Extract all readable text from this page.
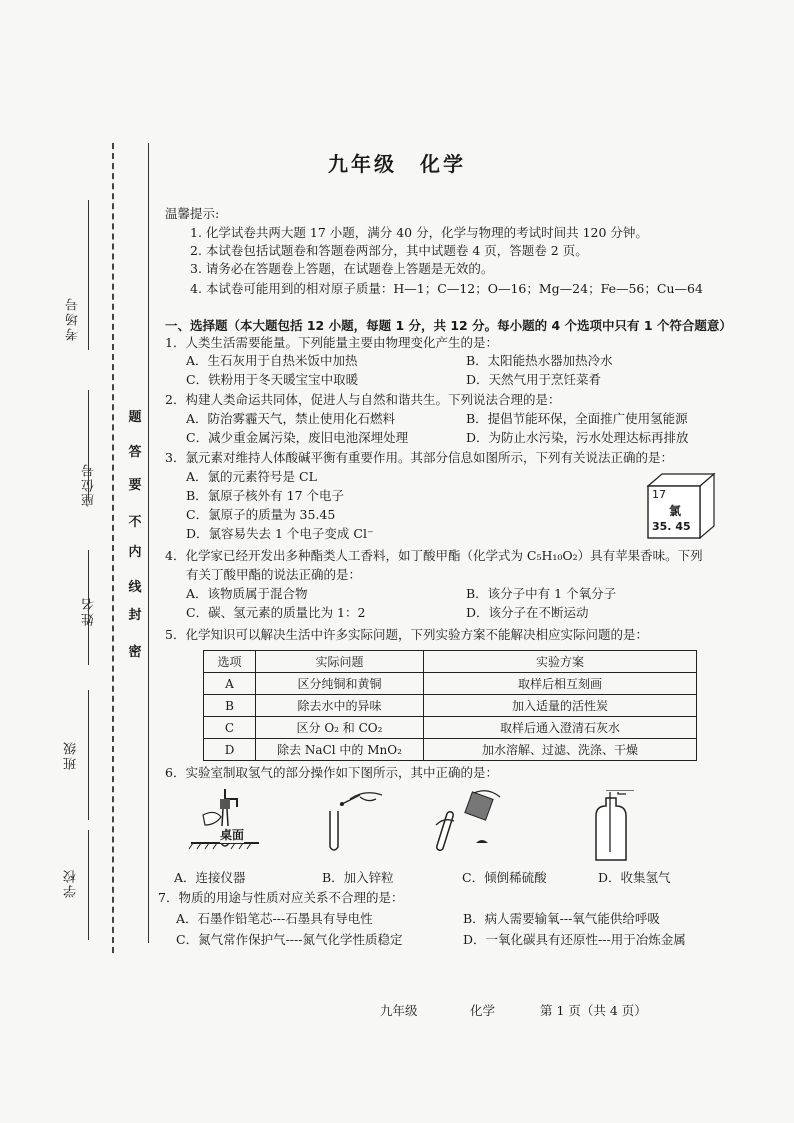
考场号
座位号
姓名
班级
学校
密
封
线
内
不
要
答
题
九年级　化学
温馨提示:
1. 化学试卷共两大题 17 小题，满分 40 分，化学与物理的考试时间共 120 分钟。
2. 本试卷包括试题卷和答题卷两部分，其中试题卷 4 页，答题卷 2 页。
3. 请务必在答题卷上答题，在试题卷上答题是无效的。
4. 本试卷可能用到的相对原子质量：H—1；C—12；O—16；Mg—24；Fe—56；Cu—64
一、选择题（本大题包括 12 小题，每题 1 分，共 12 分。每小题的 4 个选项中只有 1 个符合题意）
1．人类生活需要能量。下列能量主要由物理变化产生的是：
A．生石灰用于自热米饭中加热	B．太阳能热水器加热冷水
C．铁粉用于冬天暖宝宝中取暖	D．天然气用于烹饪菜肴
2．构建人类命运共同体，促进人与自然和谐共生。下列说法合理的是：
A．防治雾霾天气，禁止使用化石燃料	B．提倡节能环保，全面推广使用氢能源
C．减少重金属污染，废旧电池深埋处理	D．为防止水污染，污水处理达标再排放
3．氯元素对维持人体酸碱平衡有重要作用。其部分信息如图所示，下列有关说法正确的是：
A．氯的元素符号是 CL
B．氯原子核外有 17 个电子
C．氯原子的质量为 35.45
D．氯容易失去 1 个电子变成 Cl⁻
17
氯
35. 45
4．化学家已经开发出多种酯类人工香料，如丁酸甲酯（化学式为 C₅H₁₀O₂）具有苹果香味。下列
有关丁酸甲酯的说法正确的是：
A．该物质属于混合物	B．该分子中有 1 个氧分子
C．碳、氢元素的质量比为 1：2	D．该分子在不断运动
5．化学知识可以解决生活中许多实际问题，下列实验方案不能解决相应实际问题的是：
选项	实际问题	实验方案
A	区分纯铜和黄铜	取样后相互刻画
B	除去水中的异味	加入适量的活性炭
C	区分 O₂ 和 CO₂	取样后通入澄清石灰水
D	除去 NaCl 中的 MnO₂	加水溶解、过滤、洗涤、干燥
6．实验室制取氢气的部分操作如下图所示，其中正确的是：
桌面
A．连接仪器	B．加入锌粒	C．倾倒稀硫酸	D．收集氢气
7．物质的用途与性质对应关系不合理的是：
A．石墨作铅笔芯---石墨具有导电性	B．病人需要输氧---氧气能供给呼吸
C．氮气常作保护气----氮气化学性质稳定	D．一氧化碳具有还原性---用于冶炼金属
九年级	化学	第 1 页（共 4 页）
